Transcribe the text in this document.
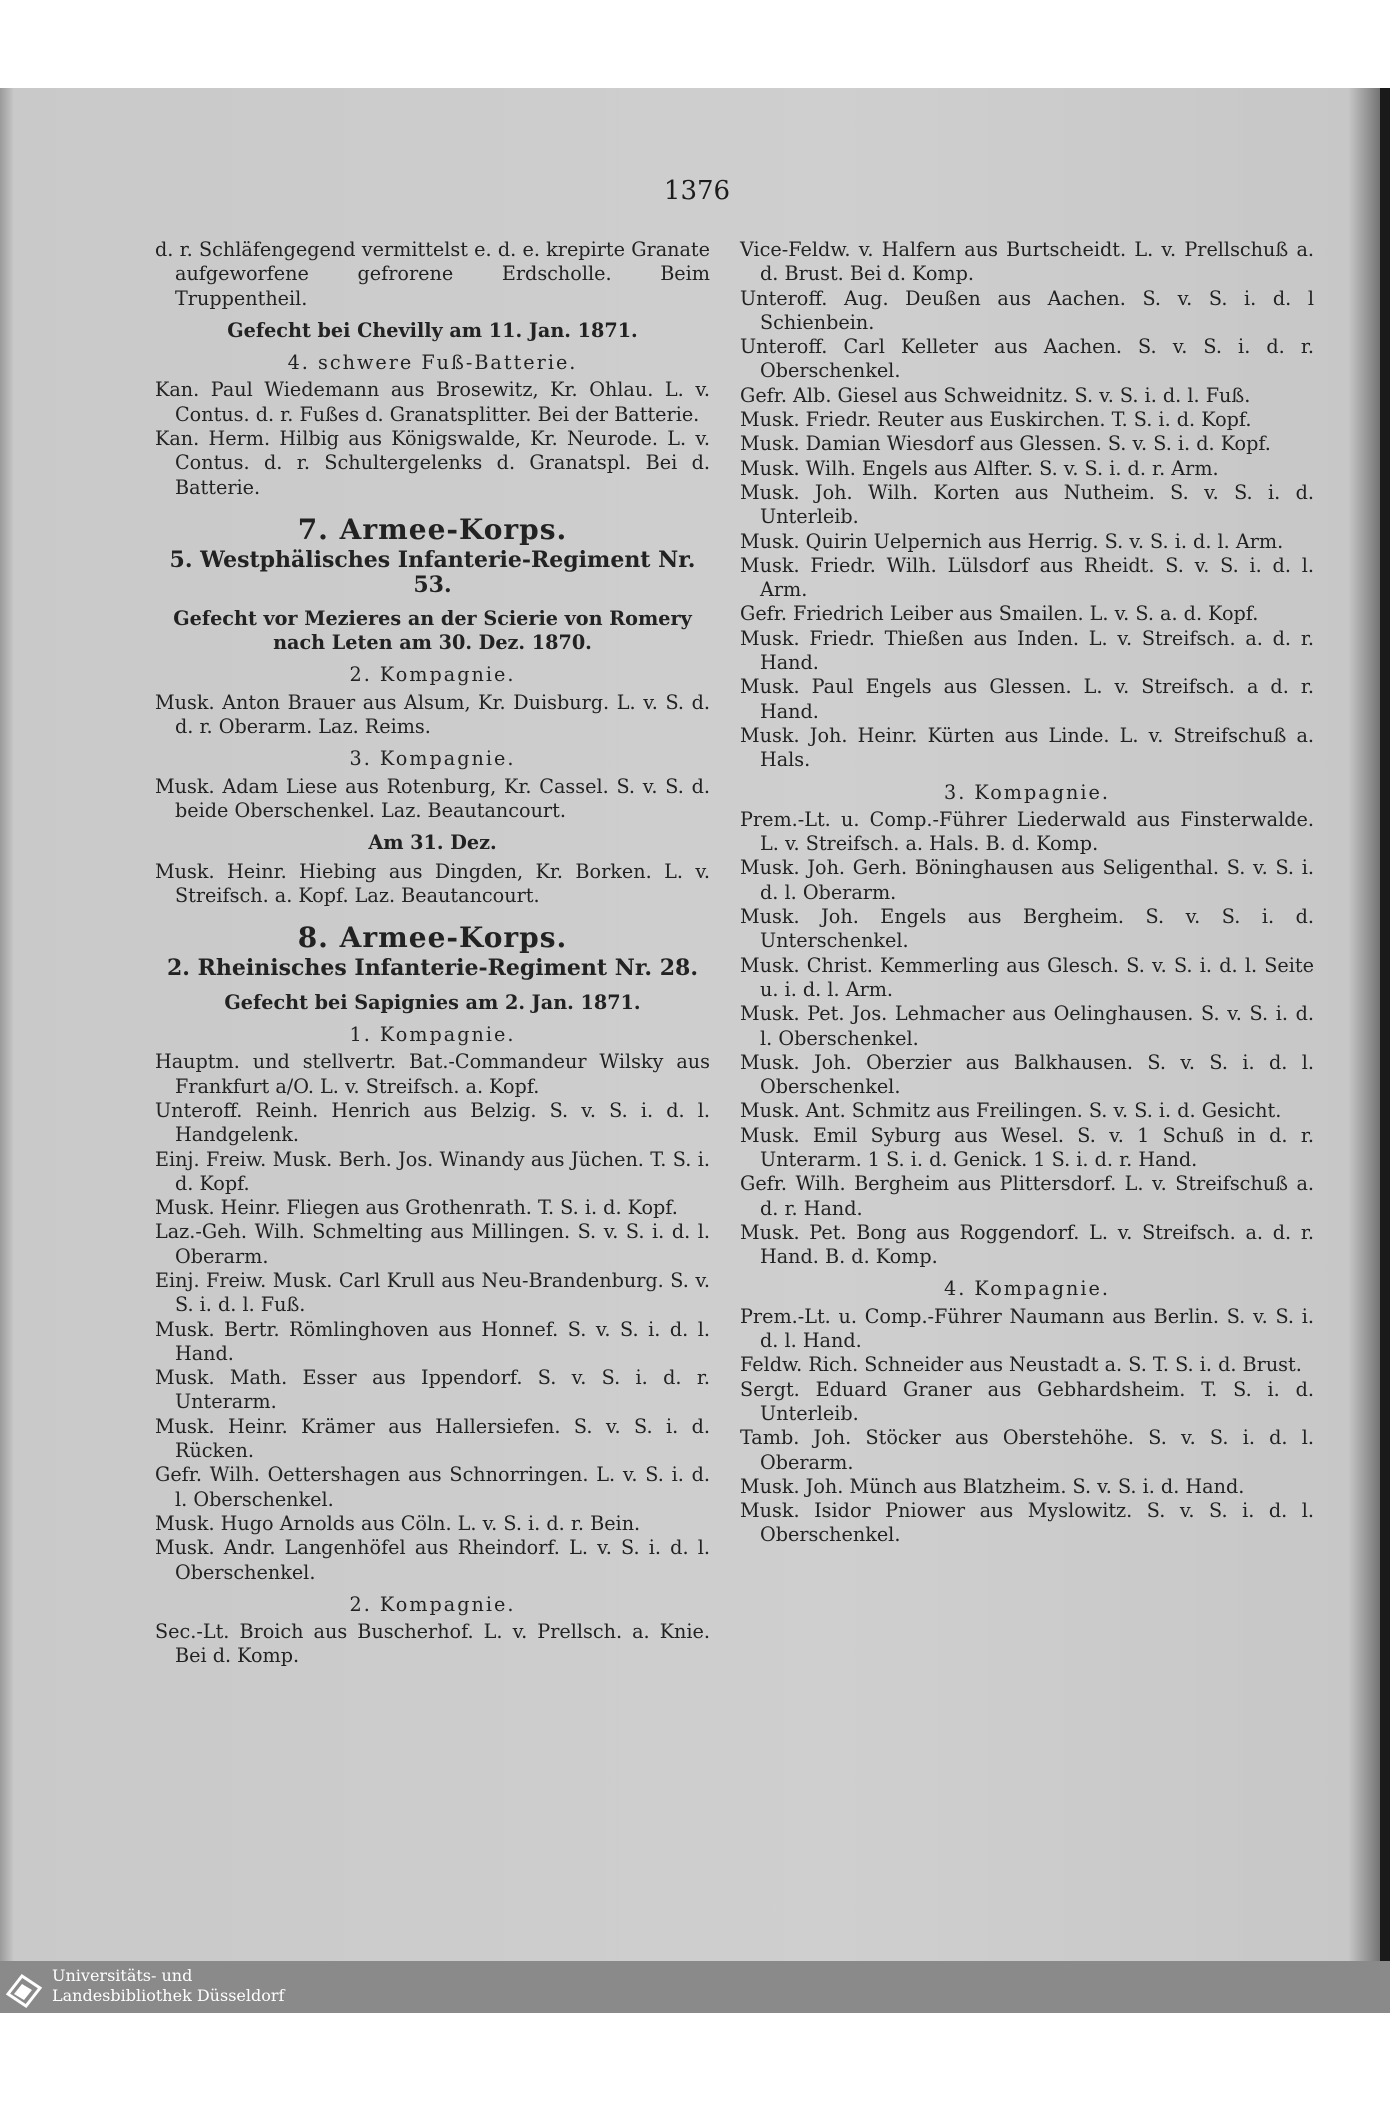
1376

d. r. Schläfengegend vermittelst e. d. e. krepirte Granate aufgeworfene gefrorene Erdscholle. Beim Truppentheil.

Gefecht bei Chevilly am 11. Jan. 1871.

4. schwere Fuß-Batterie.

Kan. Paul Wiedemann aus Brosewitz, Kr. Ohlau. L. v. Contus. d. r. Fußes d. Granatsplitter. Bei der Batterie.

Kan. Herm. Hilbig aus Königswalde, Kr. Neurode. L. v. Contus. d. r. Schultergelenks d. Granatspl. Bei d. Batterie.

7. Armee-Korps.

5. Westphälisches Infanterie-Regiment Nr. 53.

Gefecht vor Mezieres an der Scierie von Romery nach Leten am 30. Dez. 1870.

2. Kompagnie.

Musk. Anton Brauer aus Alsum, Kr. Duisburg. L. v. S. d. d. r. Oberarm. Laz. Reims.

3. Kompagnie.

Musk. Adam Liese aus Rotenburg, Kr. Cassel. S. v. S. d. beide Oberschenkel. Laz. Beautancourt.

Am 31. Dez.

Musk. Heinr. Hiebing aus Dingden, Kr. Borken. L. v. Streifsch. a. Kopf. Laz. Beautancourt.

8. Armee-Korps.

2. Rheinisches Infanterie-Regiment Nr. 28.

Gefecht bei Sapignies am 2. Jan. 1871.

1. Kompagnie.

Hauptm. und stellvertr. Bat.-Commandeur Wilsky aus Frankfurt a/O. L. v. Streifsch. a. Kopf.

Unteroff. Reinh. Henrich aus Belzig. S. v. S. i. d. l. Handgelenk.

Einj. Freiw. Musk. Berh. Jos. Winandy aus Jüchen. T. S. i. d. Kopf.

Musk. Heinr. Fliegen aus Grothenrath. T. S. i. d. Kopf.

Laz.-Geh. Wilh. Schmelting aus Millingen. S. v. S. i. d. l. Oberarm.

Einj. Freiw. Musk. Carl Krull aus Neu-Brandenburg. S. v. S. i. d. l. Fuß.

Musk. Bertr. Römlinghoven aus Honnef. S. v. S. i. d. l. Hand.

Musk. Math. Esser aus Ippendorf. S. v. S. i. d. r. Unterarm.

Musk. Heinr. Krämer aus Hallersiefen. S. v. S. i. d. Rücken.

Gefr. Wilh. Oettershagen aus Schnorringen. L. v. S. i. d. l. Oberschenkel.

Musk. Hugo Arnolds aus Cöln. L. v. S. i. d. r. Bein.

Musk. Andr. Langenhöfel aus Rheindorf. L. v. S. i. d. l. Oberschenkel.

2. Kompagnie.

Sec.-Lt. Broich aus Buscherhof. L. v. Prellsch. a. Knie. Bei d. Komp.

Vice-Feldw. v. Halfern aus Burtscheidt. L. v. Prellschuß a. d. Brust. Bei d. Komp.

Unteroff. Aug. Deußen aus Aachen. S. v. S. i. d. l Schienbein.

Unteroff. Carl Kelleter aus Aachen. S. v. S. i. d. r. Oberschenkel.

Gefr. Alb. Giesel aus Schweidnitz. S. v. S. i. d. l. Fuß.

Musk. Friedr. Reuter aus Euskirchen. T. S. i. d. Kopf.

Musk. Damian Wiesdorf aus Glessen. S. v. S. i. d. Kopf.

Musk. Wilh. Engels aus Alfter. S. v. S. i. d. r. Arm.

Musk. Joh. Wilh. Korten aus Nutheim. S. v. S. i. d. Unterleib.

Musk. Quirin Uelpernich aus Herrig. S. v. S. i. d. l. Arm.

Musk. Friedr. Wilh. Lülsdorf aus Rheidt. S. v. S. i. d. l. Arm.

Gefr. Friedrich Leiber aus Smailen. L. v. S. a. d. Kopf.

Musk. Friedr. Thießen aus Inden. L. v. Streifsch. a. d. r. Hand.

Musk. Paul Engels aus Glessen. L. v. Streifsch. a d. r. Hand.

Musk. Joh. Heinr. Kürten aus Linde. L. v. Streifschuß a. Hals.

3. Kompagnie.

Prem.-Lt. u. Comp.-Führer Liederwald aus Finsterwalde. L. v. Streifsch. a. Hals. B. d. Komp.

Musk. Joh. Gerh. Böninghausen aus Seligenthal. S. v. S. i. d. l. Oberarm.

Musk. Joh. Engels aus Bergheim. S. v. S. i. d. Unterschenkel.

Musk. Christ. Kemmerling aus Glesch. S. v. S. i. d. l. Seite u. i. d. l. Arm.

Musk. Pet. Jos. Lehmacher aus Oelinghausen. S. v. S. i. d. l. Oberschenkel.

Musk. Joh. Oberzier aus Balkhausen. S. v. S. i. d. l. Oberschenkel.

Musk. Ant. Schmitz aus Freilingen. S. v. S. i. d. Gesicht.

Musk. Emil Syburg aus Wesel. S. v. 1 Schuß in d. r. Unterarm. 1 S. i. d. Genick. 1 S. i. d. r. Hand.

Gefr. Wilh. Bergheim aus Plittersdorf. L. v. Streifschuß a. d. r. Hand.

Musk. Pet. Bong aus Roggendorf. L. v. Streifsch. a. d. r. Hand. B. d. Komp.

4. Kompagnie.

Prem.-Lt. u. Comp.-Führer Naumann aus Berlin. S. v. S. i. d. l. Hand.

Feldw. Rich. Schneider aus Neustadt a. S. T. S. i. d. Brust.

Sergt. Eduard Graner aus Gebhardsheim. T. S. i. d. Unterleib.

Tamb. Joh. Stöcker aus Oberstehöhe. S. v. S. i. d. l. Oberarm.

Musk. Joh. Münch aus Blatzheim. S. v. S. i. d. Hand.

Musk. Isidor Pniower aus Myslowitz. S. v. S. i. d. l. Oberschenkel.

Universitäts- und
Landesbibliothek Düsseldorf
